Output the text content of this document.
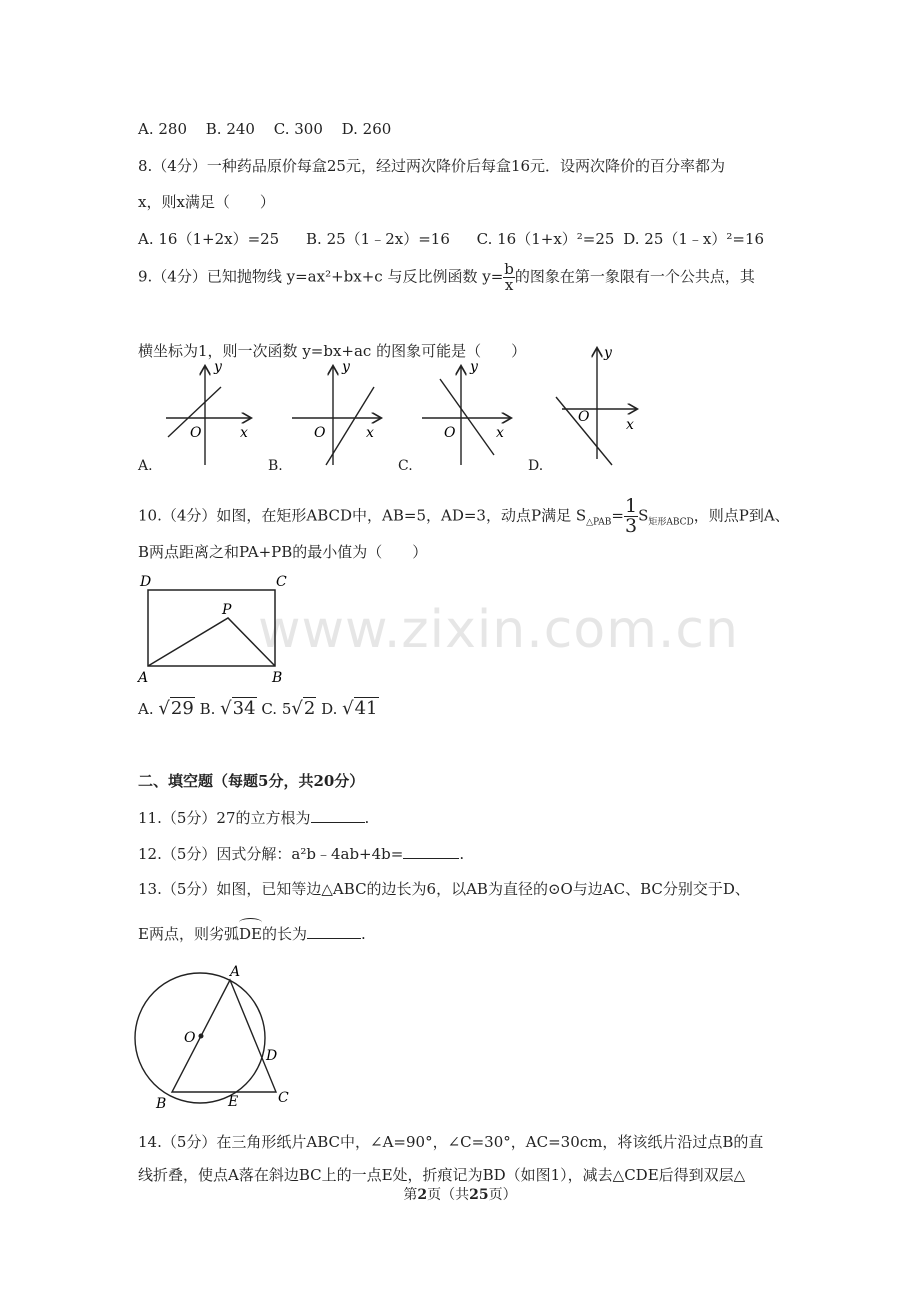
www.zixin.com.cn
A. 280 B. 240 C. 300 D. 260
8.（4分）一种药品原价每盒25元，经过两次降价后每盒16元．设两次降价的百分率都为
x，则x满足（　　）
A. 16（1+2x）=25 B. 25（1﹣2x）=16 C. 16（1+x）²=25 D. 25（1﹣x）²=16
9.（4分）已知抛物线 y=ax²+bx+c 与反比例函数 $y= \frac{b}{x}$ 的图象在第一象限有一个公共点，其
横坐标为1，则一次函数 y=bx+ac 的图象可能是（　　）
y
x
O
y
x
O
y
x
O
y
x
O
A.	B.	C.	D.
10.（4分）如图，在矩形ABCD中，AB=5，AD=3，动点P满足 $S_{\triangle PAB}= \frac{1}{3} S_{矩形ABCD}$，则点P到A、
B两点距离之和PA+PB的最小值为（　　）
D	C
P
A	B
A. √29 B. √34 C. 5√2 D. √41
二、填空题（每题5分，共20分）
11.（5分）27的立方根为	.
12.（5分）因式分解：a²b﹣4ab+4b=	.
13.（5分）如图，已知等边△ABC的边长为6，以AB为直径的⊙O与边AC、BC分别交于D、
E两点，则劣弧DE的长为	.
A
O
D
B	E	C
14.（5分）在三角形纸片ABC中，∠A=90°，∠C=30°，AC=30cm，将该纸片沿过点B的直
线折叠，使点A落在斜边BC上的一点E处，折痕记为BD（如图1），减去△CDE后得到双层△
第2页（共25页）
